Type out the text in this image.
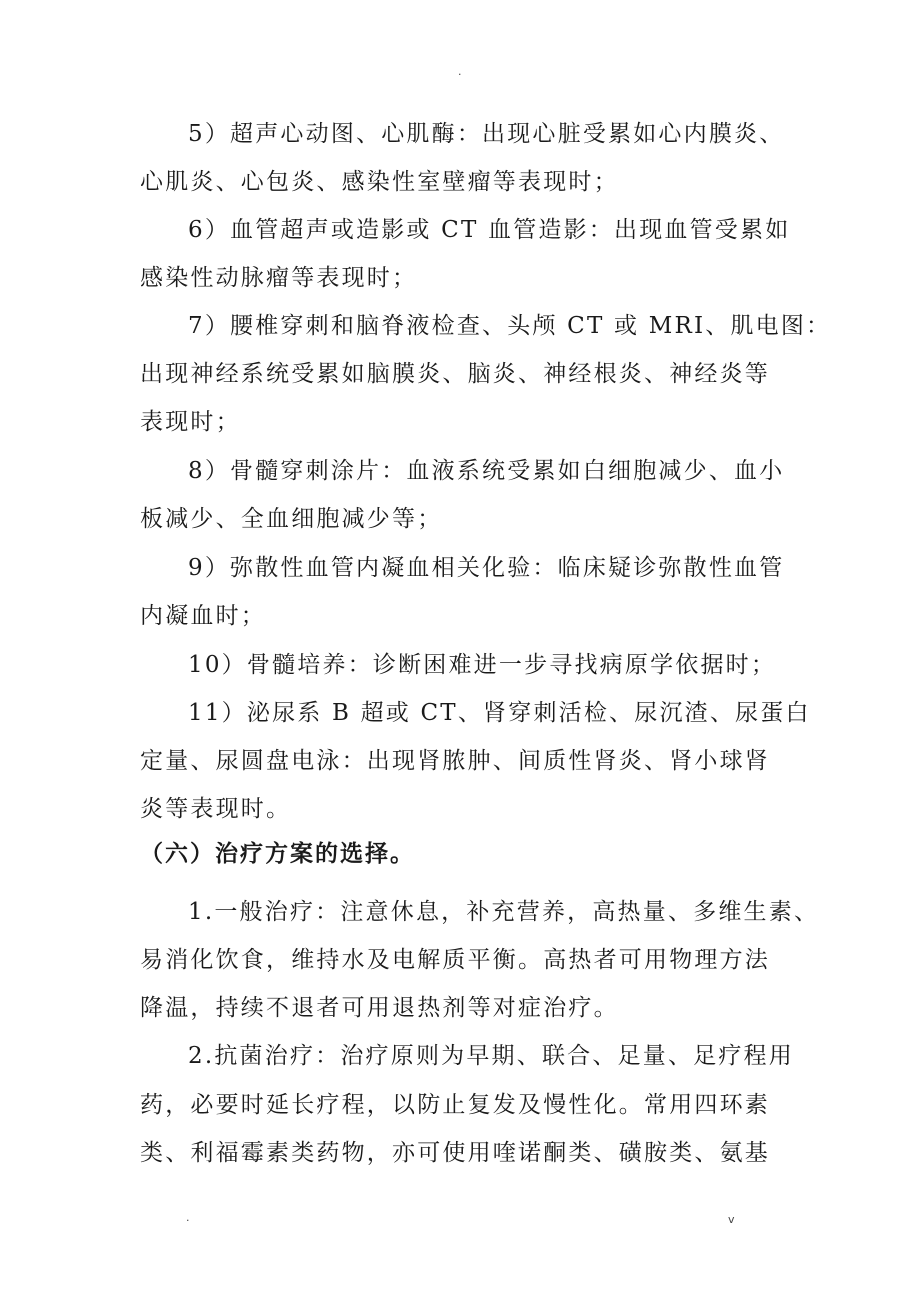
.
5）超声心动图、心肌酶：出现心脏受累如心内膜炎、
心肌炎、心包炎、感染性室壁瘤等表现时；
6）血管超声或造影或 CT 血管造影：出现血管受累如
感染性动脉瘤等表现时；
7）腰椎穿刺和脑脊液检查、头颅 CT 或 MRI、肌电图：
出现神经系统受累如脑膜炎、脑炎、神经根炎、神经炎等
表现时；
8）骨髓穿刺涂片：血液系统受累如白细胞减少、血小
板减少、全血细胞减少等；
9）弥散性血管内凝血相关化验：临床疑诊弥散性血管
内凝血时；
10）骨髓培养：诊断困难进一步寻找病原学依据时；
11）泌尿系 B 超或 CT、肾穿刺活检、尿沉渣、尿蛋白
定量、尿圆盘电泳：出现肾脓肿、间质性肾炎、肾小球肾
炎等表现时。
（六）治疗方案的选择。
1.一般治疗：注意休息，补充营养，高热量、多维生素、
易消化饮食，维持水及电解质平衡。高热者可用物理方法
降温，持续不退者可用退热剂等对症治疗。
2.抗菌治疗：治疗原则为早期、联合、足量、足疗程用
药，必要时延长疗程，以防止复发及慢性化。常用四环素
类、利福霉素类药物，亦可使用喹诺酮类、磺胺类、氨基
.	v
